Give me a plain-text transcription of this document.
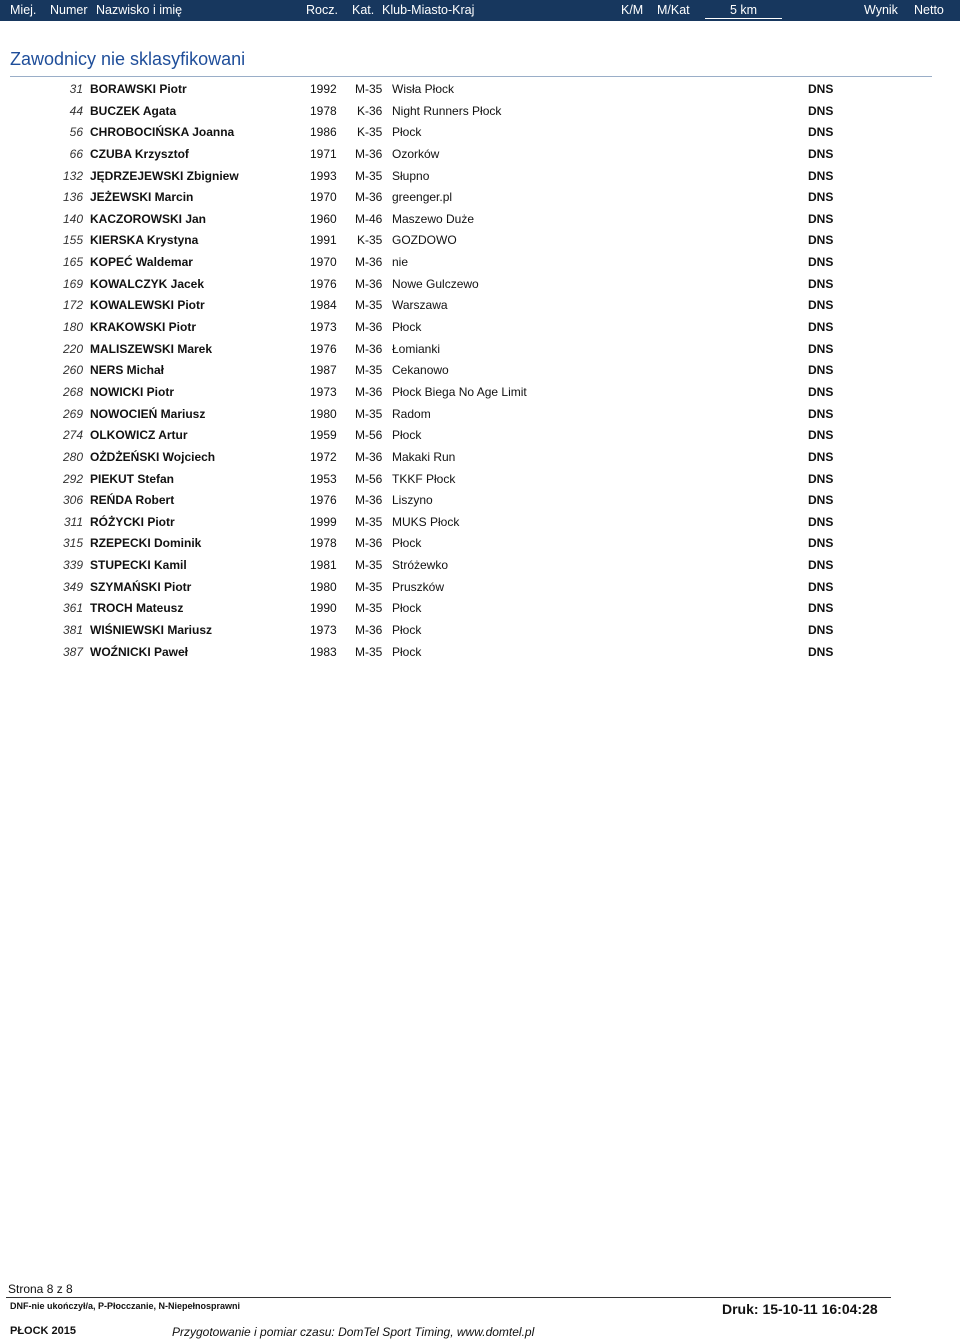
Miej. Numer Nazwisko i imię	Rocz. Kat. Klub-Miasto-Kraj	K/M M/Kat	5 km	Wynik Netto
Zawodnicy nie sklasyfikowani
31 BORAWSKI Piotr	1992 M-35 Wisła Płock	DNS
44 BUCZEK Agata	1978 K-36 Night Runners Płock	DNS
56 CHROBOCIŃSKA Joanna	1986 K-35 Płock	DNS
66 CZUBA Krzysztof	1971 M-36 Ozorków	DNS
132 JĘDRZEJEWSKI Zbigniew	1993 M-35 Słupno	DNS
136 JEŻEWSKI Marcin	1970 M-36 greenger.pl	DNS
140 KACZOROWSKI Jan	1960 M-46 Maszewo Duże	DNS
155 KIERSKA Krystyna	1991 K-35 GOZDOWO	DNS
165 KOPEĆ Waldemar	1970 M-36 nie	DNS
169 KOWALCZYK Jacek	1976 M-36 Nowe Gulczewo	DNS
172 KOWALEWSKI Piotr	1984 M-35 Warszawa	DNS
180 KRAKOWSKI Piotr	1973 M-36 Płock	DNS
220 MALISZEWSKI Marek	1976 M-36 Łomianki	DNS
260 NERS Michał	1987 M-35 Cekanowo	DNS
268 NOWICKI Piotr	1973 M-36 Płock Biega No Age Limit	DNS
269 NOWOCIEŃ Mariusz	1980 M-35 Radom	DNS
274 OLKOWICZ Artur	1959 M-56 Płock	DNS
280 OŻDŻEŃSKI Wojciech	1972 M-36 Makaki Run	DNS
292 PIEKUT Stefan	1953 M-56 TKKF Płock	DNS
306 REŃDA Robert	1976 M-36 Liszyno	DNS
311 RÓŻYCKI Piotr	1999 M-35 MUKS Płock	DNS
315 RZEPECKI Dominik	1978 M-36 Płock	DNS
339 STUPECKI Kamil	1981 M-35 Stróżewko	DNS
349 SZYMAŃSKI Piotr	1980 M-35 Pruszków	DNS
361 TROCH Mateusz	1990 M-35 Płock	DNS
381 WIŚNIEWSKI Mariusz	1973 M-36 Płock	DNS
387 WOŹNICKI Paweł	1983 M-35 Płock	DNS
Strona 8 z 8
DNF-nie ukończył/a, P-Płocczanie, N-Niepełnosprawni	Druk: 15-10-11 16:04:28
PŁOCK 2015	Przygotowanie i pomiar czasu: DomTel Sport Timing, www.domtel.pl
